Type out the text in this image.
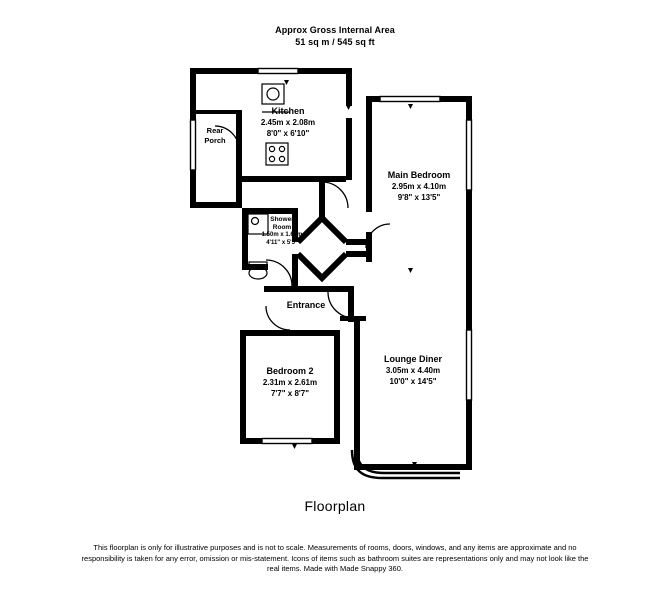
Approx Gross Internal Area
51 sq m / 545 sq ft
Kitchen
2.45m x 2.08m
8'0" x 6'10"
Rear
Porch
Main Bedroom
2.95m x 4.10m
9'8" x 13'5"
Shower
Room
1.50m x 1.66m
4'11" x 5'5"
Entrance
Bedroom 2
2.31m x 2.61m
7'7" x 8'7"
Lounge Diner
3.05m x 4.40m
10'0" x 14'5"
Floorplan
This floorplan is only for illustrative purposes and is not to scale. Measurements of rooms, doors, windows, and any items are approximate and no responsibility is taken for any error, omission or mis-statement. Icons of items such as bathroom suites are representations only and may not look like the real items. Made with Made Snappy 360.
